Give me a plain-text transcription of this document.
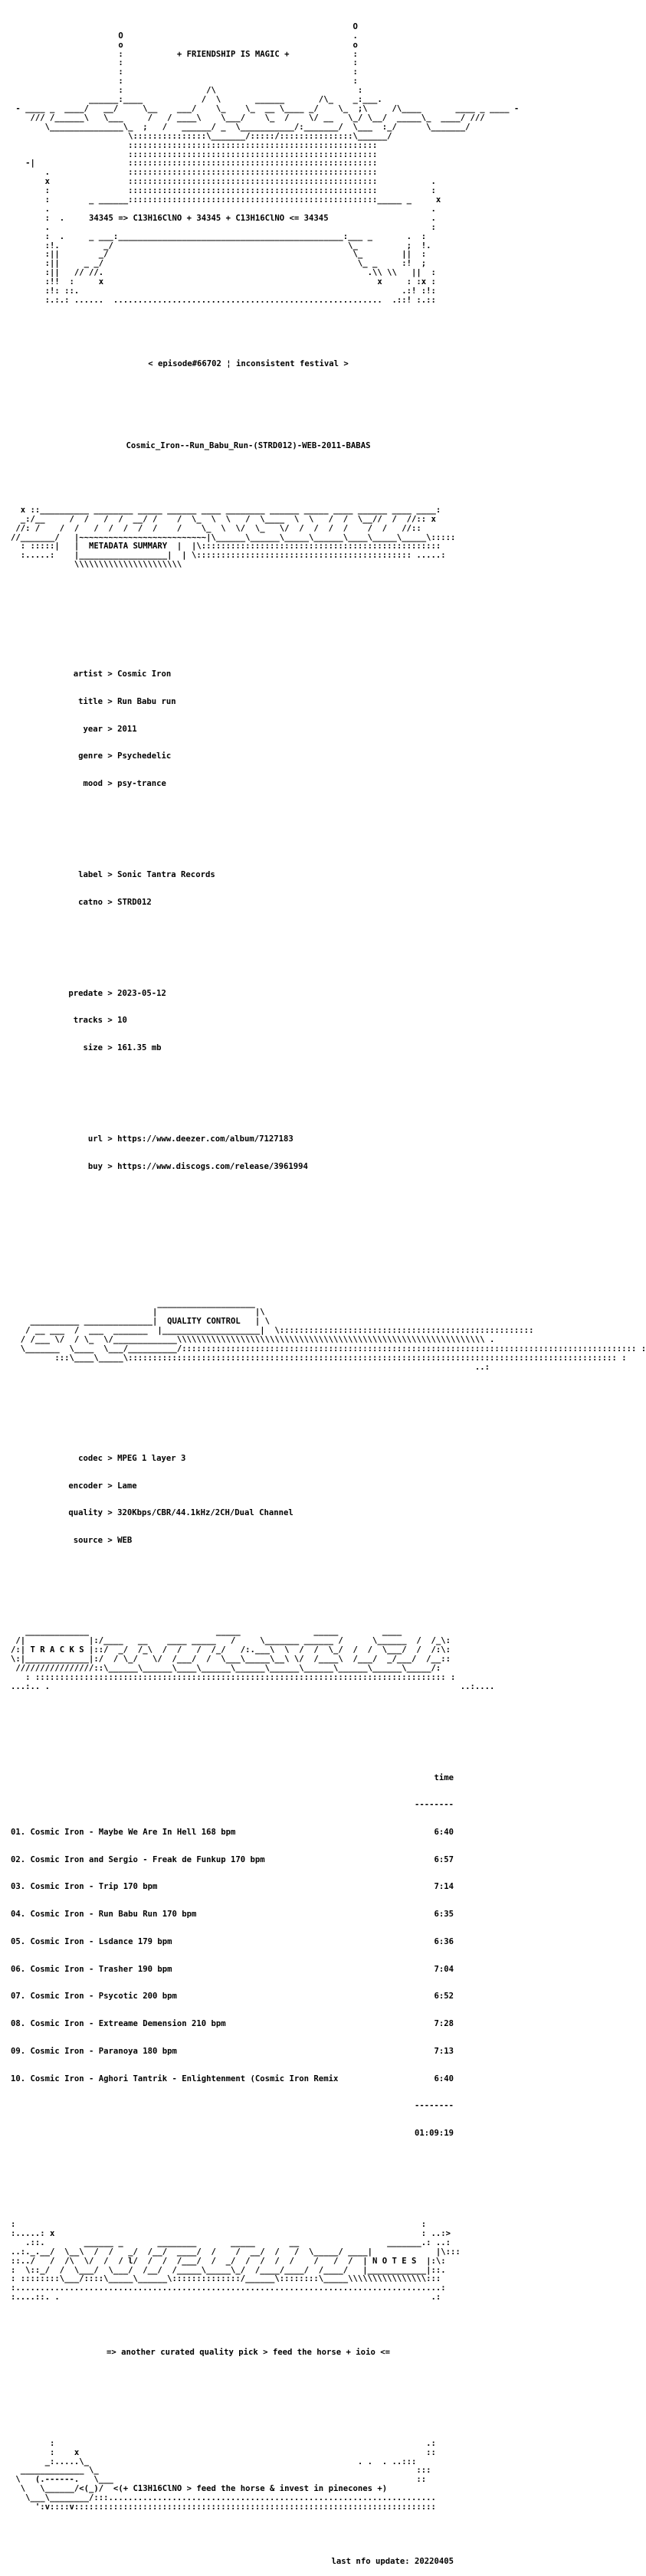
O
O                                               .
o                                               o
:           + FRIENDSHIP IS MAGIC +             :
:                                               :
:                                               :
:                                               :
:                 /\                             :
______:____            /  \       ______       /\_    _:___.
- ____ _  ____/   __/     \__    ___/    \_    \_  __ \____ _/    \_  ;\     /\____       ____ _ ____ -
/// /______\   \___     /   / ____\    \___/    \_  /    \/ __   \_/ \__/  _____\_  ____/ ///
\_______________\_  ;   /   ______/ _  \___________/:_______/  \___  :_/      \_______/
\:::::::::::::::\_______/:::::/:::::::::::::::\______/
:::::::::::::::::::::::::::::::::::::::::::::::::::
:::::::::::::::::::::::::::::::::::::::::::::::::::
-|                   :::::::::::::::::::::::::::::::::::::::::::::::::::
.                :::::::::::::::::::::::::::::::::::::::::::::::::::
x                :::::::::::::::::::::::::::::::::::::::::::::::::::           .
:                :::::::::::::::::::::::::::::::::::::::::::::::::::           :
:        _ ______:::::::::::::::::::::::::::::::::::::::::::::::::::_____ _     x
.                                                                              .
:  .     34345 => C13H16ClNO + 34345 + C13H16ClNO <= 34345                     .
.                                                                              :
:  .     _ ___:______________________________________________:___ _       .  :
:!.         _/                                                \_          ;  !.
:||        _/                                                  \_        ||  :
:||     _ _/                                                    \_ _     :!  ;
:||   // //.                                                      .\\ \\   ||  :
:!!  :     x                                                        x     : :x :
:!: ::.                                                                  .:! :!:
:.:.: ......  .......................................................  .::! :.::

< episode#66702 ¦ inconsistent festival >

Cosmic_Iron--Run_Babu_Run-(STRD012)-WEB-2011-BABAS

x ::__________ ________ _____ ______ ____ ________ ______ _____ ____ ______ ____ ____:
_:/__     /  /   /  /  __/ /    /  \_  \  \   /  \____  \  \   /  /  \__//  /  //:: x
//: /    /  /   /  /  /  /  /    /    \_  \  \/  \_   \/  /  /  /  /    /  /   //::
//_______/   |~~~~~~~~~~~~~~~~~~~~~~~~~~|\______\______\_____\______\____\_____\_____\:::::
: :::::|   |  METADATA SUMMARY  |  |\:::::::::::::::::::::::::::::::::::::::::::::::::
:.....:    |__________________|  | \:::::::::::::::::::::::::::::::::::::::::::: .....:
\\\\\\\\\\\\\\\\\\\\\\

artist > Cosmic Iron

title > Run Babu run

year > 2011

genre > Psychedelic

mood > psy-trance

label > Sonic Tantra Records

catno > STRD012

predate > 2023-05-12

tracks > 10

size > 161.35 mb

url > https://www.deezer.com/album/7127183

buy > https://www.discogs.com/release/3961994

____________________
|                    |\
__________ ______________|  QUALITY CONTROL   | \
/ __ ___  /  ___  _______  |____________________|  \::::::::::::::::::::::::::::::::::::::::::::::::::::
/ /___ \/  / \_  \/_____________\\\\\\\\\\\\\\\\\\\\\\\\\\\\\\\\\\\\\\\\\\\\\\\\\\\\\\\\\\\\\\\ .
\_______  \____  \___/__________/::::::::::::::::::::::::::::::::::::::::::::::::::::::::::::::::::::::::::::::::::::::::::::: :
:::\____\_____\:::::::::::::::::::::::::::::::::::::::::::::::::::::::::::::::::::::::::::::::::::::::::::::::::::: :
..:

codec > MPEG 1 layer 3

encoder > Lame

quality > 320Kbps/CBR/44.1kHz/2CH/Dual Channel

source > WEB

_____________                          _____               _____         ____
/|             |:/____   __    ____ _____   /     \_______ ______ /      \______  /  /_\:
/:| T R A C K S |::/  _/  /_\  /  /   /  /_/   /:.___\  \  /  /  \_/  /  /  \___/  /  /:\:
\:|_____________|:/  / \_/   \/  /___/  /  \___\_____\__\ \/  /____\  /___/  _/___/  /__::
////////////////::\______\______\____\______\______\______\______\______\______\_____/:
: :::::::::::::::::::::::::::::::::::::::::::::::::::::::::::::::::::::::::::::::::::: :
...:.. .                                                                                    ..:....

time

--------

01. Cosmic Iron - Maybe We Are In Hell 168 bpm	6:40

02. Cosmic Iron and Sergio - Freak de Funkup 170 bpm	6:57

03. Cosmic Iron - Trip 170 bpm	7:14

04. Cosmic Iron - Run Babu Run 170 bpm	6:35

05. Cosmic Iron - Lsdance 179 bpm	6:36

06. Cosmic Iron - Trasher 190 bpm	7:04

07. Cosmic Iron - Psycotic 200 bpm	6:52

08. Cosmic Iron - Extreame Demension 210 bpm	7:28

09. Cosmic Iron - Paranoya 180 bpm	7:13

10. Cosmic Iron - Aghori Tantrik - Enlightenment (Cosmic Iron Remix	6:40

--------

01:09:19

:                                                                                   :
:.....: x                                                                           : ..:>
.::.        ______ _       ________       _____       __                  _______.: ..:
..:._.__/  \__\  /  /   _/  /__/  ____/  /    /  __/  /   /  \_____/ ____|             |\:::
::../   /  /\  \/  /  / l/  /  /  /___/  /  _/  /  /  /  /    /   /  /  | N O T E S  |:\:
:  \::_/  /  \___/  \___/  /__/  /_____\_____\_/  /____/____/  /____/   |____________|::.
: ::::::::\___/::::\_____\______\::::::::::::::/______\::::::::\_____\\\\\\\\\\\\\\\\:::
:.......................................................................................:
:....::. .                                                                            .:

=> another curated quality pick > feed the horse + ioio <=

:                                                                            .:
:    x                                                                       ::
_:.....\_                                                       . .  . ..:::
_____________ \_                                                                 :::
\   (.------.   \___                                                              ::
\   \______/<(_)/  <(+ C13H16ClNO > feed the horse & invest in pinecones +)
\___\________/:::...................................................................
':v::::v::::::::::::::::::::::::::::::::::::::::::::::::::::::::::::::::::::::::::

last nfo update: 20220405
